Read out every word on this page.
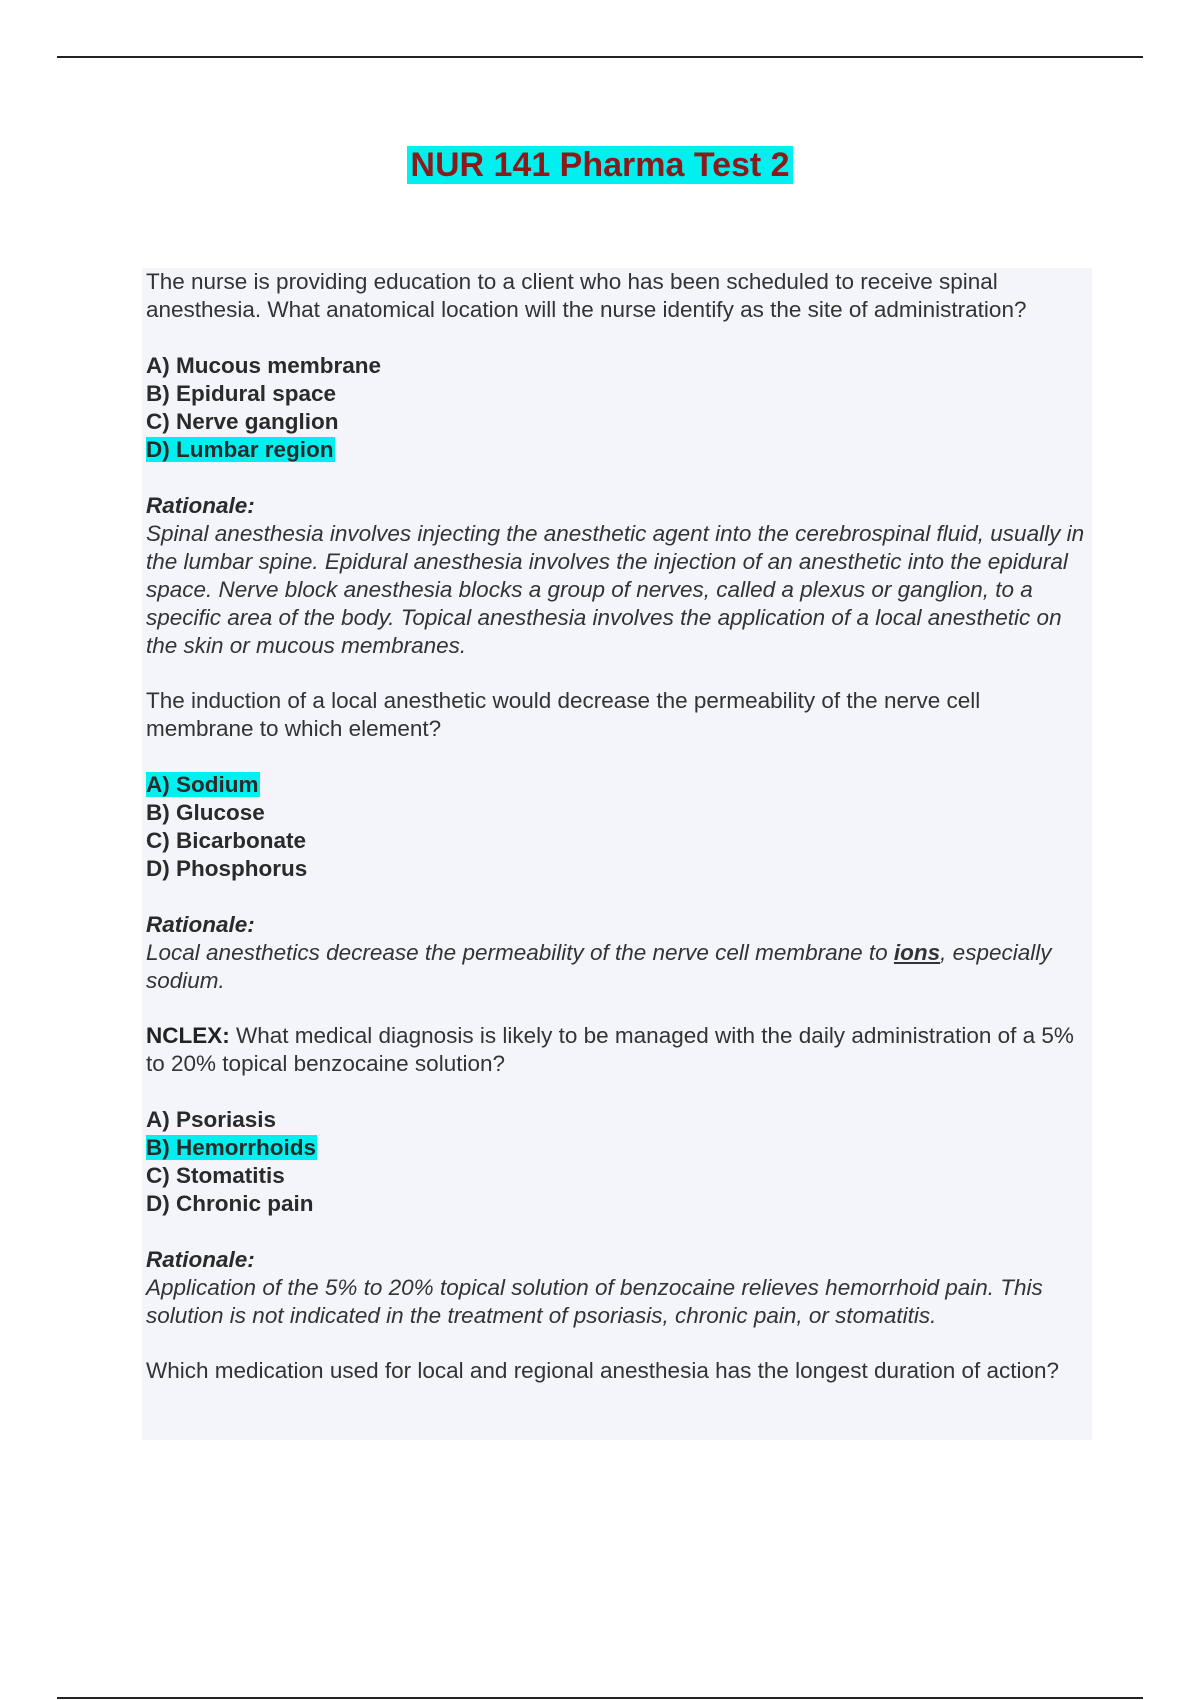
NUR 141 Pharma Test 2

The nurse is providing education to a client who has been scheduled to receive spinal anesthesia. What anatomical location will the nurse identify as the site of administration?

A) Mucous membrane
B) Epidural space
C) Nerve ganglion
D) Lumbar region
Rationale:

Spinal anesthesia involves injecting the anesthetic agent into the cerebrospinal fluid, usually in the lumbar spine. Epidural anesthesia involves the injection of an anesthetic into the epidural space. Nerve block anesthesia blocks a group of nerves, called a plexus or ganglion, to a specific area of the body. Topical anesthesia involves the application of a local anesthetic on the skin or mucous membranes.

The induction of a local anesthetic would decrease the permeability of the nerve cell membrane to which element?

A) Sodium
B) Glucose
C) Bicarbonate
D) Phosphorus
Rationale:

Local anesthetics decrease the permeability of the nerve cell membrane to ions, especially sodium.

NCLEX: What medical diagnosis is likely to be managed with the daily administration of a 5% to 20% topical benzocaine solution?

A) Psoriasis
B) Hemorrhoids
C) Stomatitis
D) Chronic pain
Rationale:

Application of the 5% to 20% topical solution of benzocaine relieves hemorrhoid pain. This solution is not indicated in the treatment of psoriasis, chronic pain, or stomatitis.

Which medication used for local and regional anesthesia has the longest duration of action?
